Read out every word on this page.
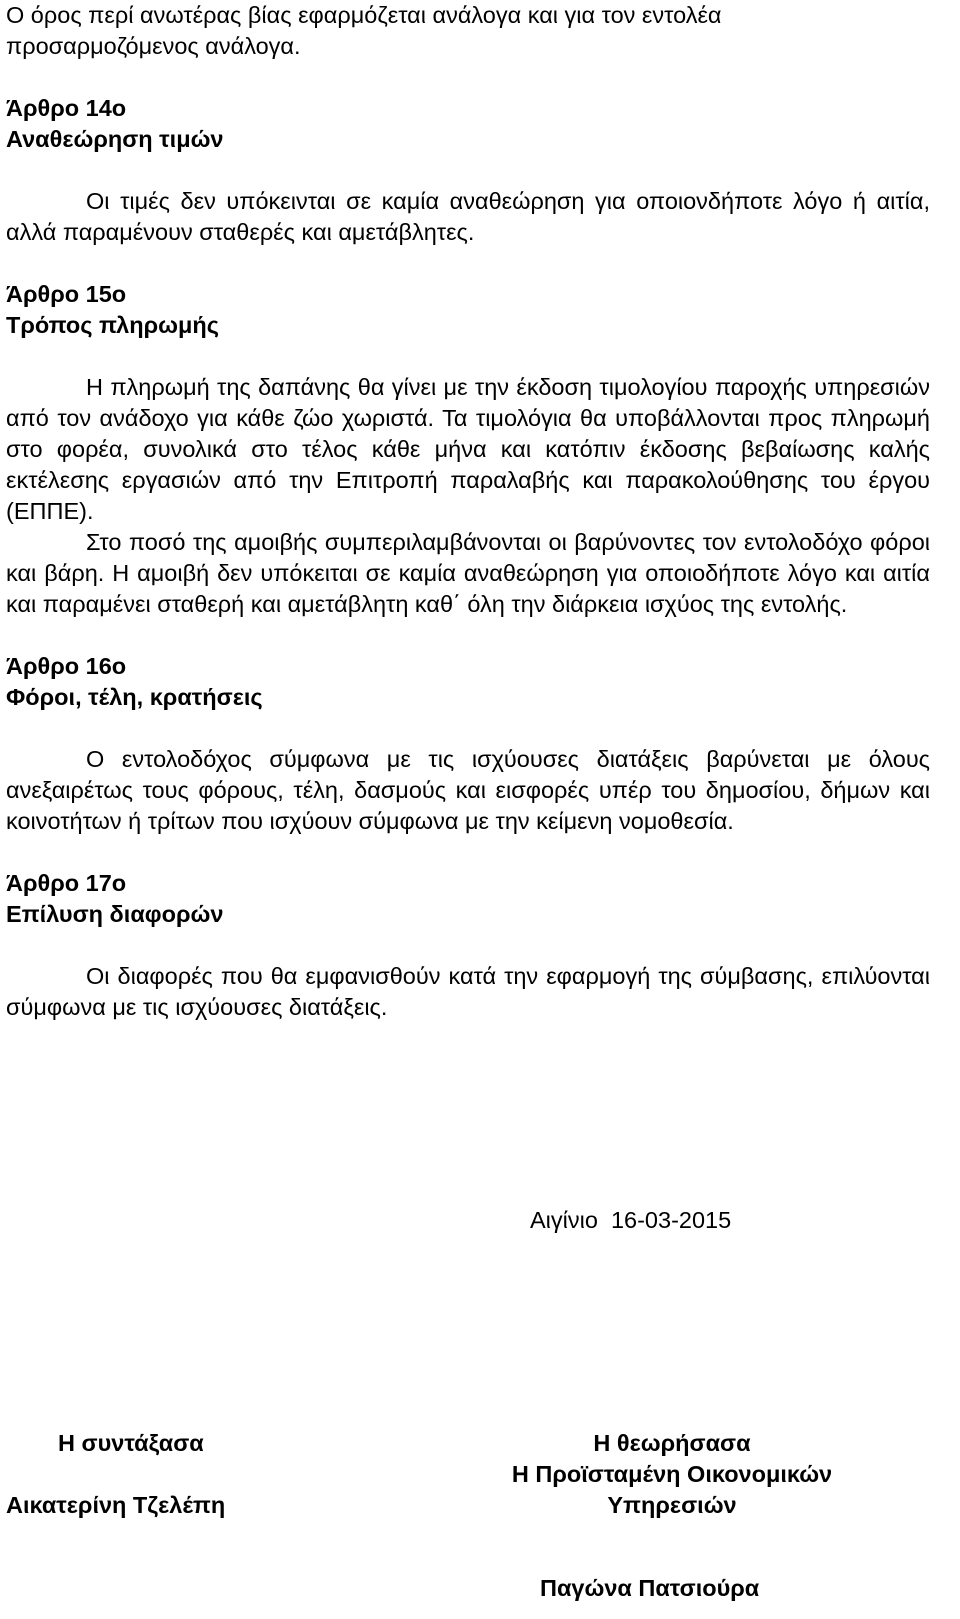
Ο όρος περί ανωτέρας βίας εφαρμόζεται ανάλογα και για τον εντολέα

προσαρμοζόμενος ανάλογα.

Άρθρο 14ο

Αναθεώρηση τιμών

Οι τιμές δεν υπόκεινται σε καμία αναθεώρηση για οποιονδήποτε λόγο ή αιτία, αλλά παραμένουν σταθερές και αμετάβλητες.

Άρθρο 15ο

Τρόπος πληρωμής

Η πληρωμή της δαπάνης θα γίνει με την έκδοση τιμολογίου παροχής υπηρεσιών από τον ανάδοχο για κάθε ζώο χωριστά. Τα τιμολόγια θα υποβάλλονται προς πληρωμή στο φορέα, συνολικά στο τέλος κάθε μήνα και κατόπιν έκδοσης βεβαίωσης καλής εκτέλεσης εργασιών από την Επιτροπή παραλαβής και παρακολούθησης του έργου (ΕΠΠΕ).

Στο ποσό της αμοιβής συμπεριλαμβάνονται οι βαρύνοντες τον εντολοδόχο φόροι και βάρη. Η αμοιβή δεν υπόκειται σε καμία αναθεώρηση για οποιοδήποτε λόγο και αιτία και παραμένει σταθερή και αμετάβλητη καθ΄ όλη την διάρκεια ισχύος της εντολής.

Άρθρο 16ο

Φόροι, τέλη, κρατήσεις

Ο εντολοδόχος σύμφωνα με τις ισχύουσες διατάξεις βαρύνεται με όλους ανεξαιρέτως τους φόρους, τέλη, δασμούς και εισφορές υπέρ του δημοσίου, δήμων και κοινοτήτων ή τρίτων που ισχύουν σύμφωνα με την κείμενη νομοθεσία.

Άρθρο 17ο

Επίλυση διαφορών

Οι διαφορές που θα εμφανισθούν κατά την εφαρμογή της σύμβασης, επιλύονται σύμφωνα με τις ισχύουσες διατάξεις.

Αιγίνιο  16-03-2015
Η συντάξασα
Αικατερίνη Τζελέπη
Η θεωρήσασα
Η Προϊσταμένη Οικονομικών
Υπηρεσιών
Παγώνα Πατσιούρα
